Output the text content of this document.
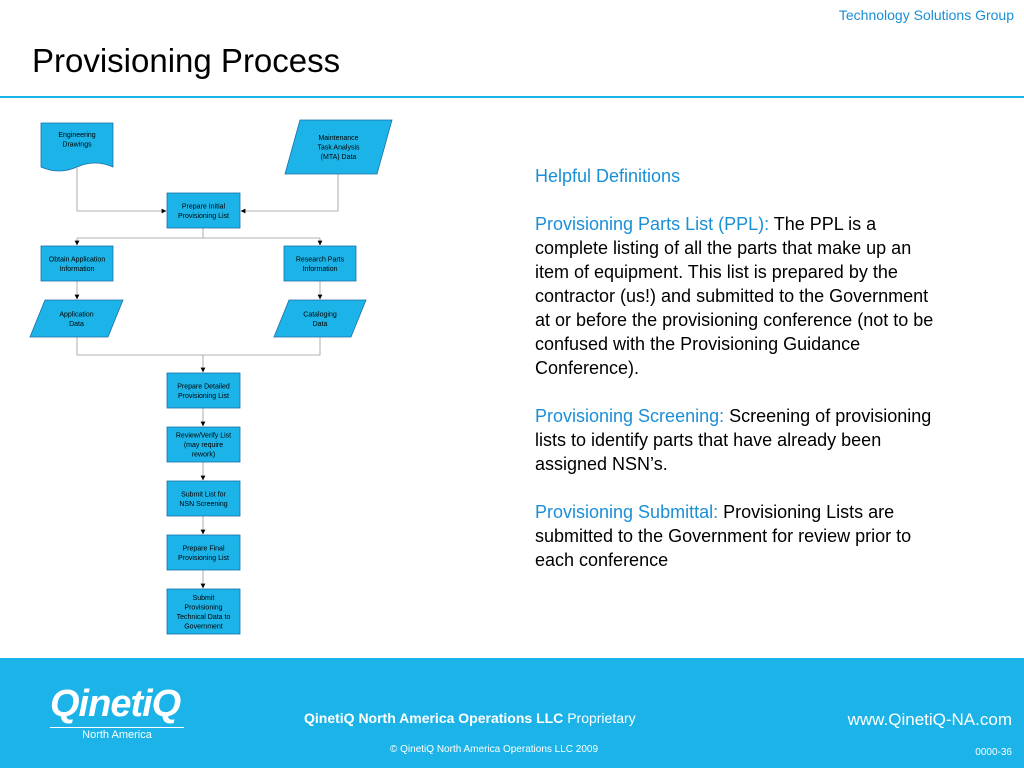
Technology Solutions Group
Provisioning Process
Engineering
Drawings
Maintenance
Task Analysis
(MTA) Data
Prepare Initial
Provisioning List
Obtain Application
Information
Research Parts
Information
Application
Data
Cataloging
Data
Prepare Detailed
Provisioning List
Review/Verify List
(may require
rework)
Submit List for
NSN Screening
Prepare Final
Provisioning List
Submit
Provisioning
Technical Data to
Government

Helpful Definitions

Provisioning Parts List (PPL): The PPL is a complete listing of all the parts that make up an item of equipment. This list is prepared by the contractor (us!) and submitted to the Government at or before the provisioning conference (not to be confused with the Provisioning Guidance Conference).

Provisioning Screening: Screening of provisioning lists to identify parts that have already been assigned NSN’s.

Provisioning Submittal: Provisioning Lists are submitted to the Government for review prior to each conference

QinetiQ
North America
QinetiQ North America Operations LLC Proprietary	www.QinetiQ-NA.com
© QinetiQ North America Operations LLC 2009	0000-36
